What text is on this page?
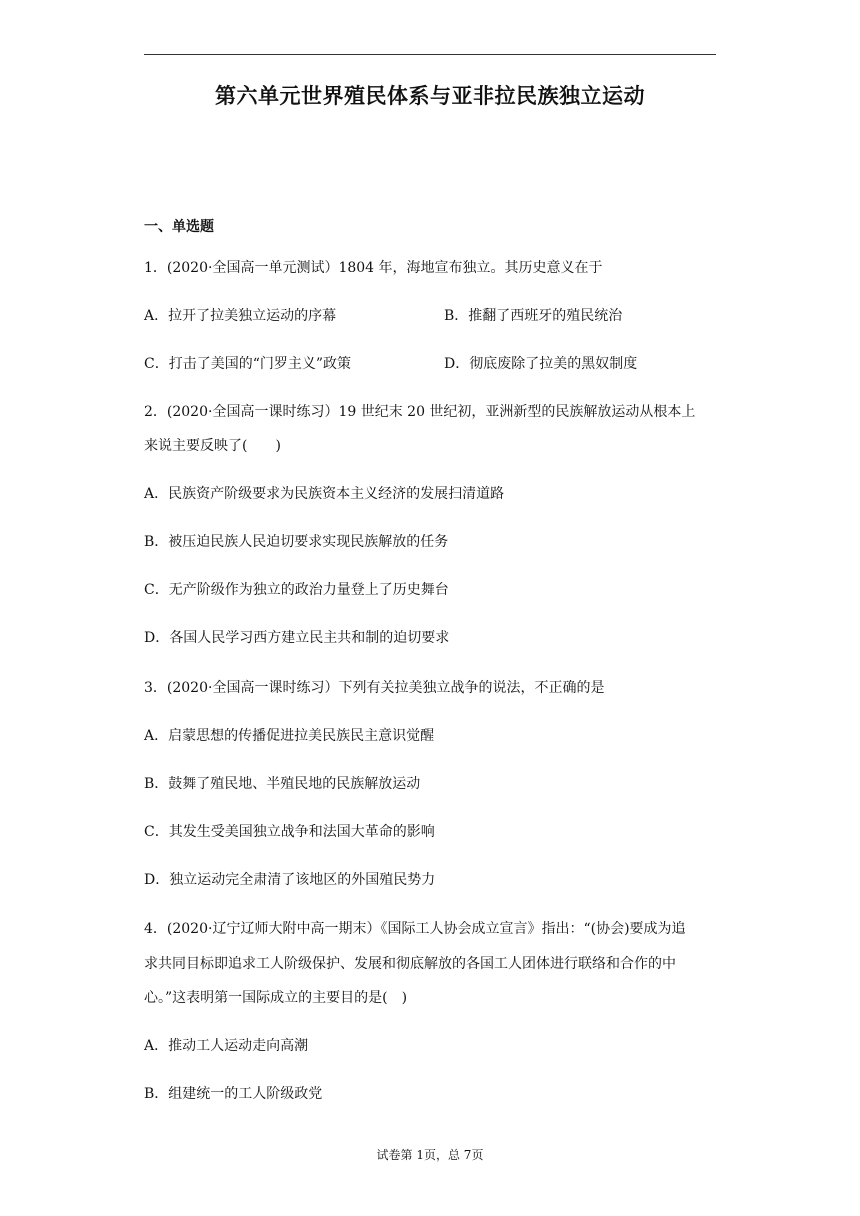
第六单元世界殖民体系与亚非拉民族独立运动
一、单选题
1．(2020·全国高一单元测试）1804 年，海地宣布独立。其历史意义在于
A．拉开了拉美独立运动的序幕	B．推翻了西班牙的殖民统治
C．打击了美国的“门罗主义”政策	D．彻底废除了拉美的黑奴制度
2．(2020·全国高一课时练习）19 世纪末 20 世纪初，亚洲新型的民族解放运动从根本上
来说主要反映了(　　)
A．民族资产阶级要求为民族资本主义经济的发展扫清道路
B．被压迫民族人民迫切要求实现民族解放的任务
C．无产阶级作为独立的政治力量登上了历史舞台
D．各国人民学习西方建立民主共和制的迫切要求
3．(2020·全国高一课时练习）下列有关拉美独立战争的说法，不正确的是
A．启蒙思想的传播促进拉美民族民主意识觉醒
B．鼓舞了殖民地、半殖民地的民族解放运动
C．其发生受美国独立战争和法国大革命的影响
D．独立运动完全肃清了该地区的外国殖民势力
4．(2020·辽宁辽师大附中高一期末）《国际工人协会成立宣言》指出：“(协会)要成为追
求共同目标即追求工人阶级保护、发展和彻底解放的各国工人团体进行联络和合作的中
心。”这表明第一国际成立的主要目的是(　)
A．推动工人运动走向高潮
B．组建统一的工人阶级政党
试卷第 1页，总 7页
